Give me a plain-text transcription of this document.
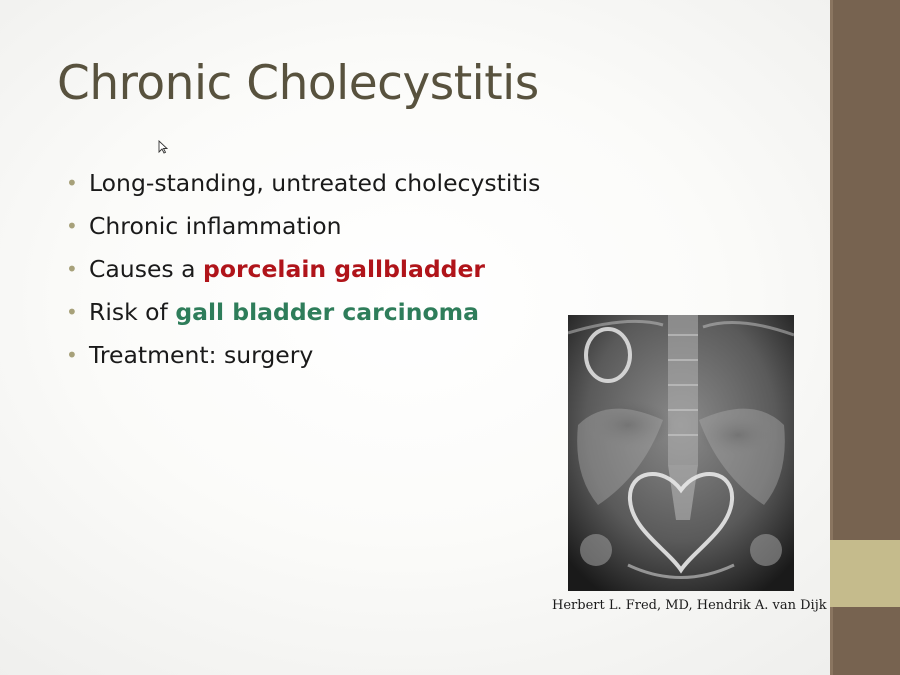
Chronic Cholecystitis
• Long-standing, untreated cholecystitis
• Chronic inflammation
• Causes a porcelain gallbladder
• Risk of gall bladder carcinoma
• Treatment: surgery
Herbert L. Fred, MD, Hendrik A. van Dijk
